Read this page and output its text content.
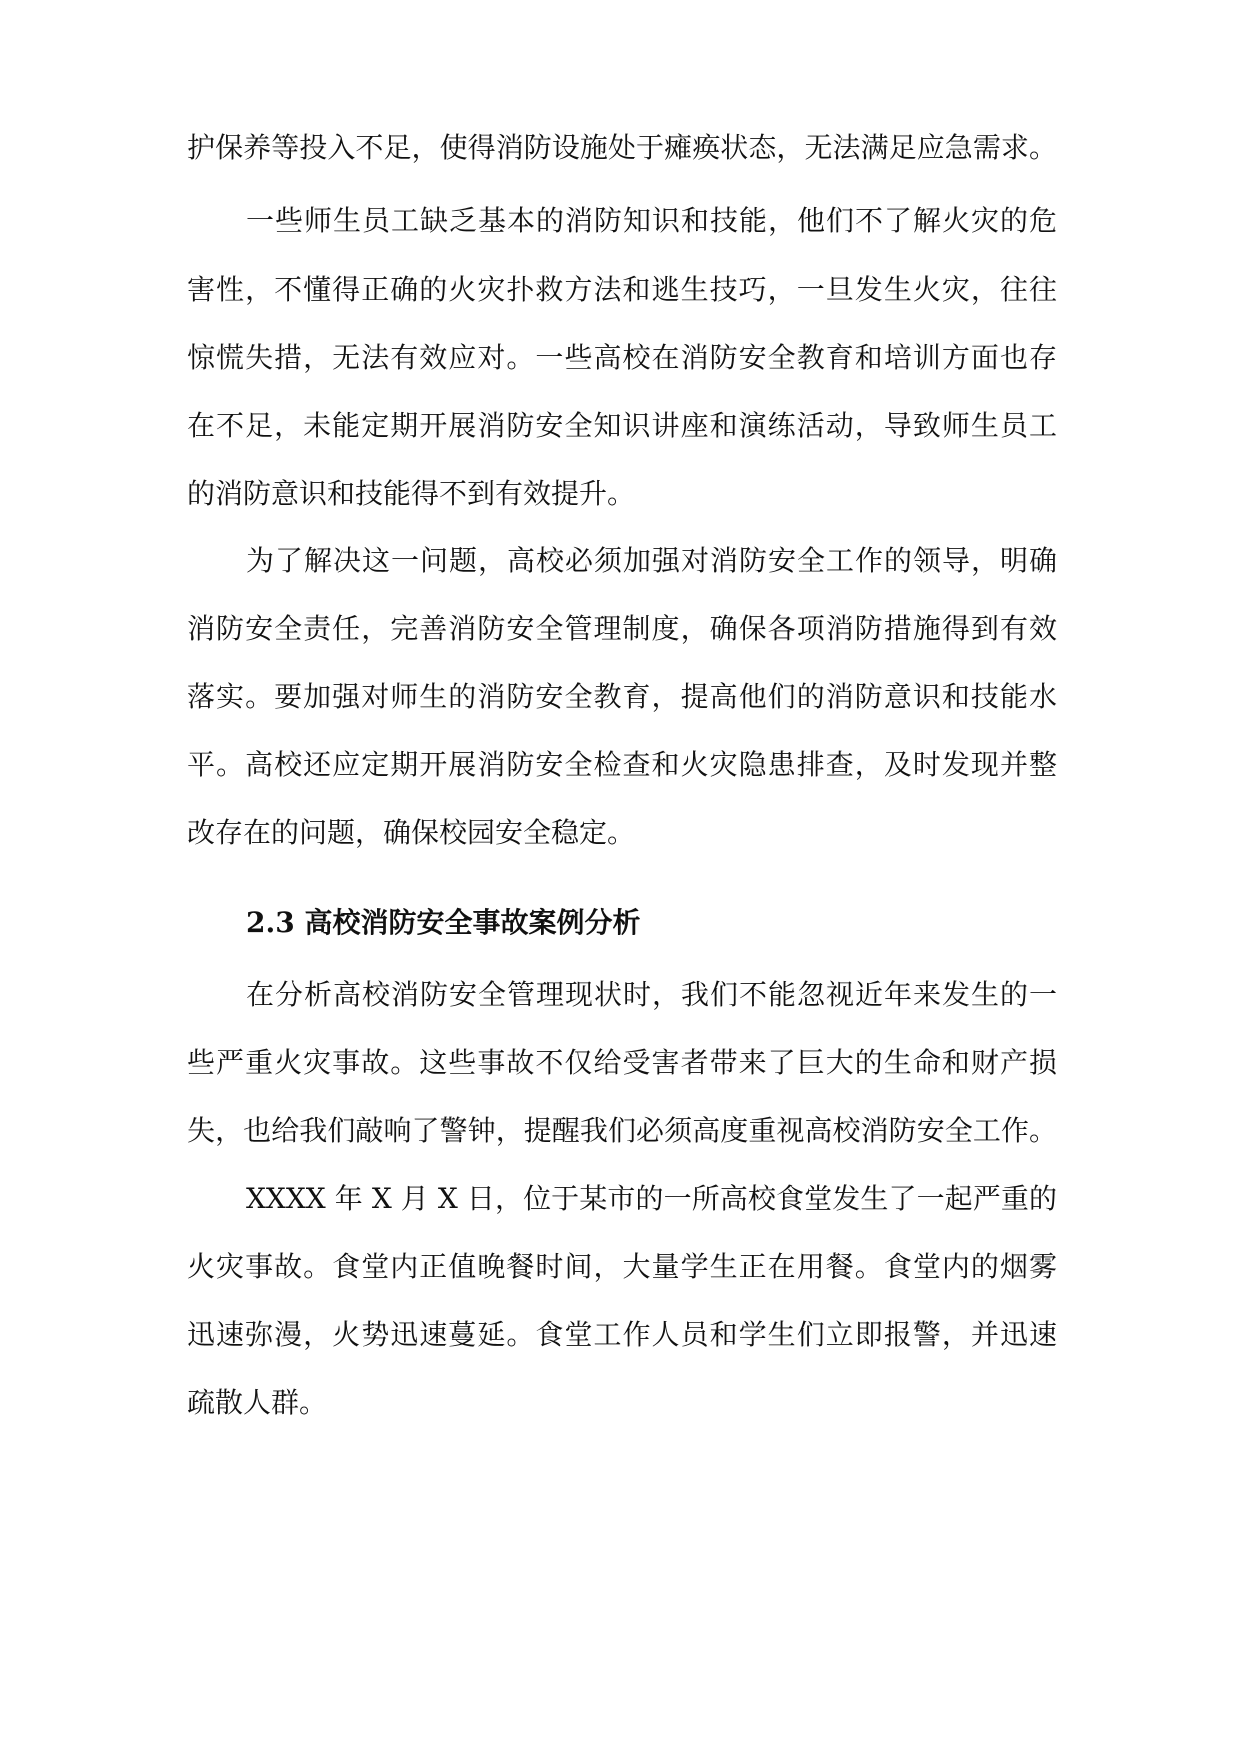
护保养等投入不足，使得消防设施处于瘫痪状态，无法满足应急需求。
一些师生员工缺乏基本的消防知识和技能，他们不了解火灾的危
害性，不懂得正确的火灾扑救方法和逃生技巧，一旦发生火灾，往往
惊慌失措，无法有效应对。一些高校在消防安全教育和培训方面也存
在不足，未能定期开展消防安全知识讲座和演练活动，导致师生员工
的消防意识和技能得不到有效提升。
为了解决这一问题，高校必须加强对消防安全工作的领导，明确
消防安全责任，完善消防安全管理制度，确保各项消防措施得到有效
落实。要加强对师生的消防安全教育，提高他们的消防意识和技能水
平。高校还应定期开展消防安全检查和火灾隐患排查，及时发现并整
改存在的问题，确保校园安全稳定。
2.3 高校消防安全事故案例分析
在分析高校消防安全管理现状时，我们不能忽视近年来发生的一
些严重火灾事故。这些事故不仅给受害者带来了巨大的生命和财产损
失，也给我们敲响了警钟，提醒我们必须高度重视高校消防安全工作。
XXXX 年 X 月 X 日，位于某市的一所高校食堂发生了一起严重的
火灾事故。食堂内正值晚餐时间，大量学生正在用餐。食堂内的烟雾
迅速弥漫，火势迅速蔓延。食堂工作人员和学生们立即报警，并迅速
疏散人群。
